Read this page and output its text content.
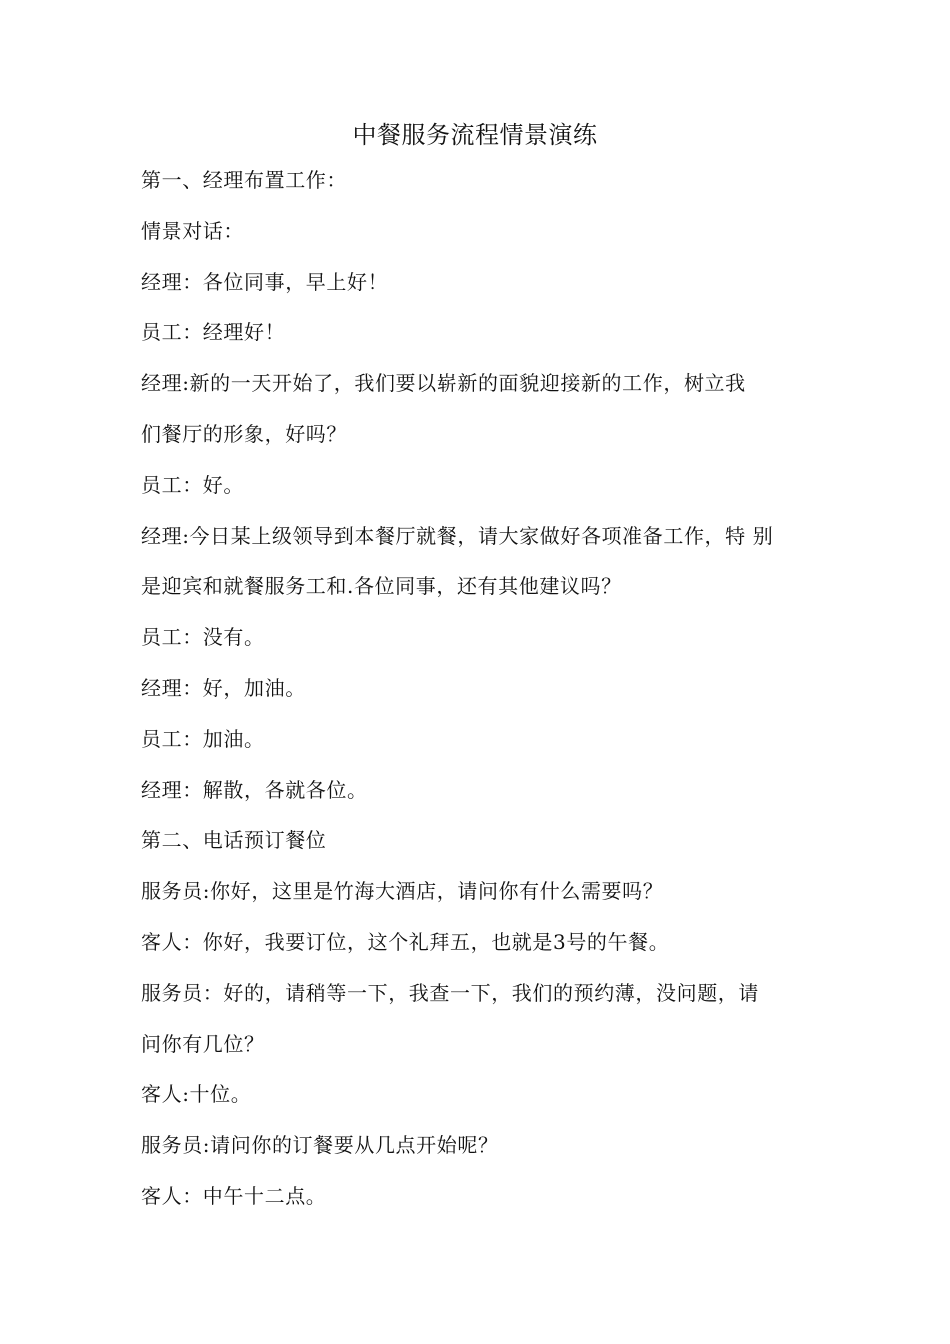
中餐服务流程情景演练
第一、经理布置工作：
情景对话：
经理：各位同事，早上好！
员工：经理好！
经理:新的一天开始了，我们要以崭新的面貌迎接新的工作，树立我
们餐厅的形象，好吗？
员工：好。
经理:今日某上级领导到本餐厅就餐，请大家做好各项准备工作，特 别
是迎宾和就餐服务工和.各位同事，还有其他建议吗？
员工：没有。
经理：好，加油。
员工：加油。
经理：解散，各就各位。
第二、电话预订餐位
服务员:你好，这里是竹海大酒店，请问你有什么需要吗？
客人：你好，我要订位，这个礼拜五，也就是3号的午餐。
服务员：好的，请稍等一下，我查一下，我们的预约薄，没问题，请
问你有几位？
客人:十位。
服务员:请问你的订餐要从几点开始呢？
客人：中午十二点。
